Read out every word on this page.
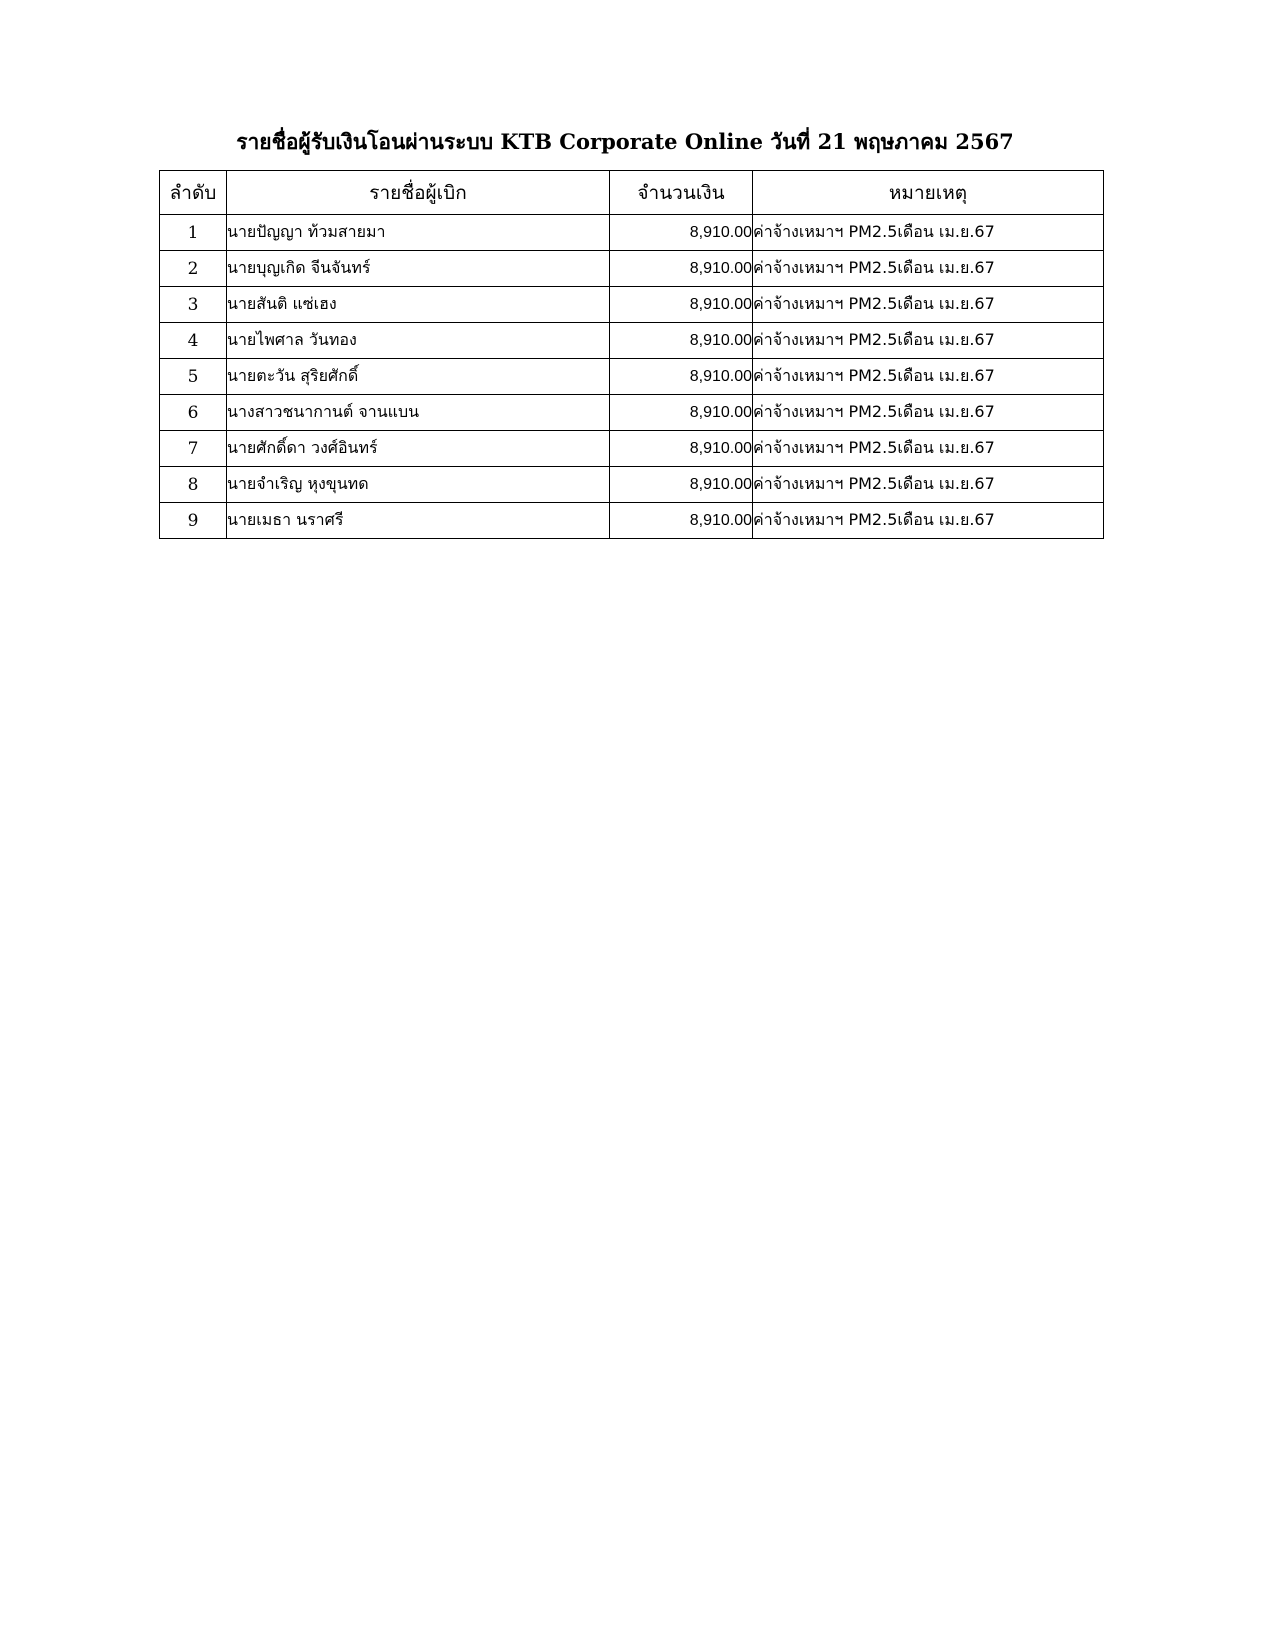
รายชื่อผู้รับเงินโอนผ่านระบบ KTB Corporate Online วันที่ 21 พฤษภาคม 2567
ลำดับ	รายชื่อผู้เบิก	จำนวนเงิน	หมายเหตุ
1	นายปัญญา ท้วมสายมา	8,910.00	ค่าจ้างเหมาฯ PM2.5เดือน เม.ย.67
2	นายบุญเกิด จีนจันทร์	8,910.00	ค่าจ้างเหมาฯ PM2.5เดือน เม.ย.67
3	นายสันติ แซ่เฮง	8,910.00	ค่าจ้างเหมาฯ PM2.5เดือน เม.ย.67
4	นายไพศาล วันทอง	8,910.00	ค่าจ้างเหมาฯ PM2.5เดือน เม.ย.67
5	นายตะวัน สุริยศักดิ์	8,910.00	ค่าจ้างเหมาฯ PM2.5เดือน เม.ย.67
6	นางสาวชนากานต์ จานแบน	8,910.00	ค่าจ้างเหมาฯ PM2.5เดือน เม.ย.67
7	นายศักดิ์ดา วงศ์อินทร์	8,910.00	ค่าจ้างเหมาฯ PM2.5เดือน เม.ย.67
8	นายจำเริญ หุงขุนทด	8,910.00	ค่าจ้างเหมาฯ PM2.5เดือน เม.ย.67
9	นายเมธา นราศรี	8,910.00	ค่าจ้างเหมาฯ PM2.5เดือน เม.ย.67
